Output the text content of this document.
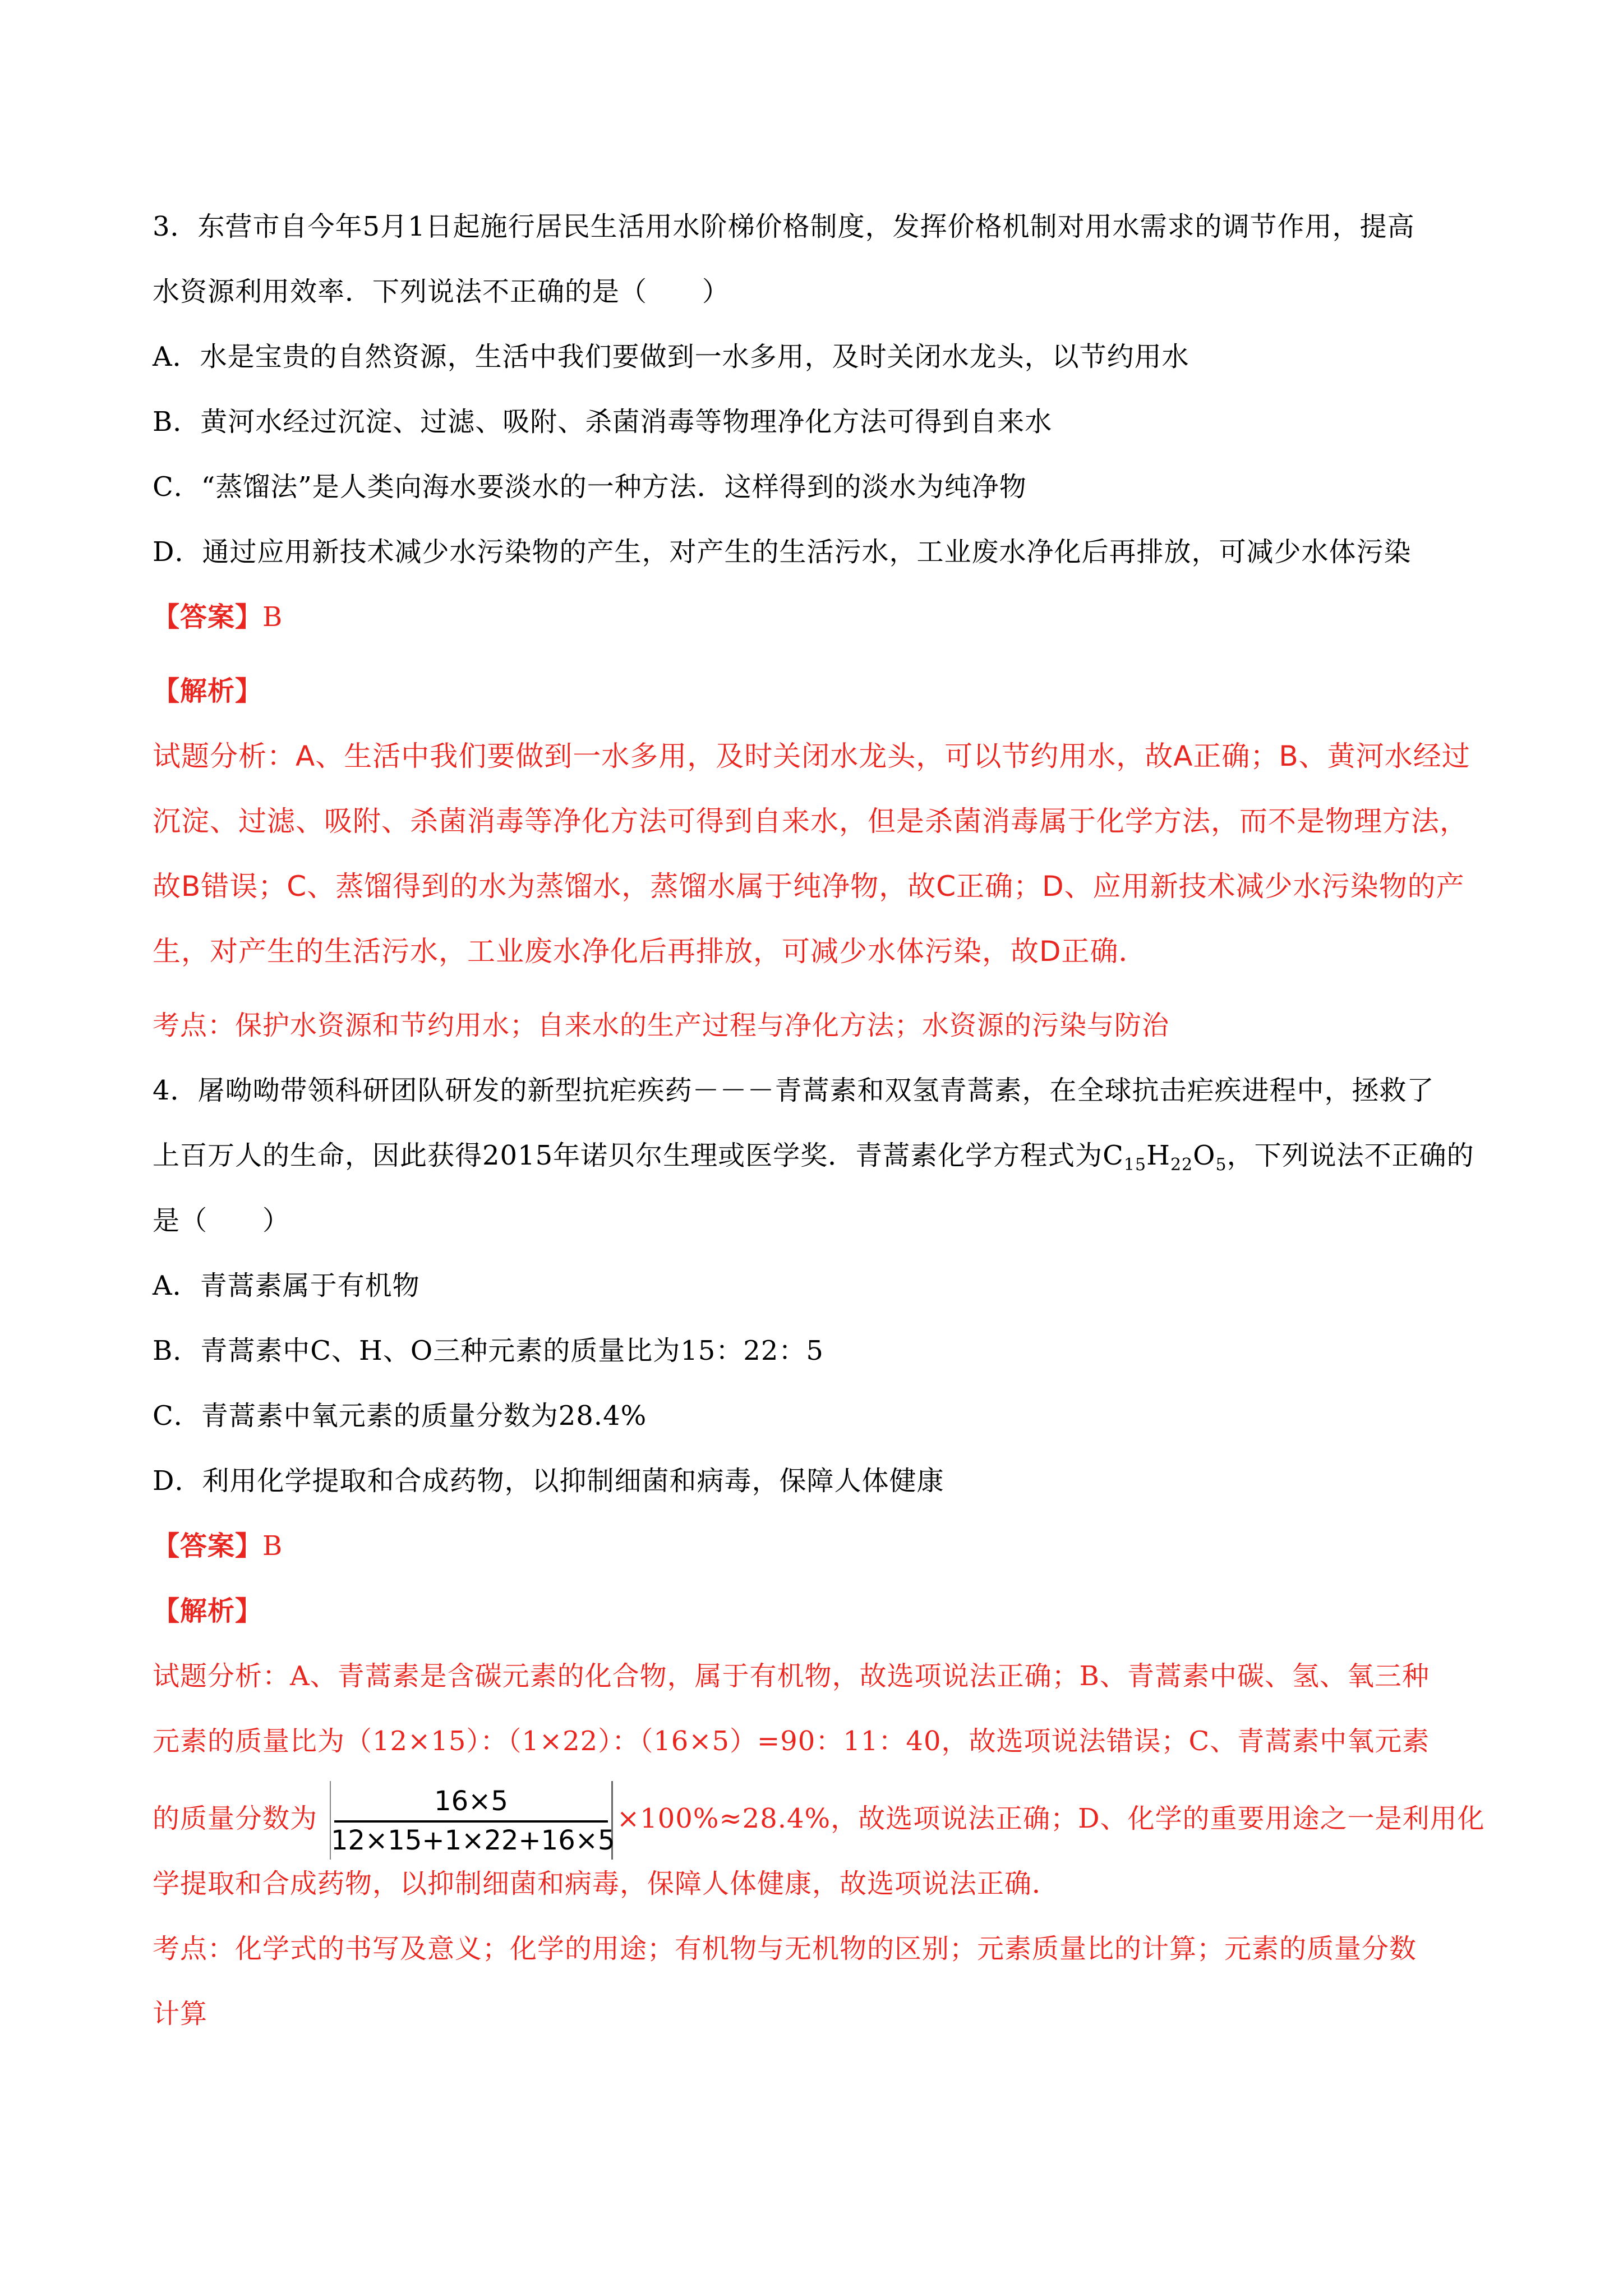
3．东营市自今年5月1日起施行居民生活用水阶梯价格制度，发挥价格机制对用水需求的调节作用，提高
水资源利用效率．下列说法不正确的是（　　）
A．水是宝贵的自然资源，生活中我们要做到一水多用，及时关闭水龙头，以节约用水
B．黄河水经过沉淀、过滤、吸附、杀菌消毒等物理净化方法可得到自来水
C．“蒸馏法”是人类向海水要淡水的一种方法．这样得到的淡水为纯净物
D．通过应用新技术减少水污染物的产生，对产生的生活污水，工业废水净化后再排放，可减少水体污染
【答案】B
【解析】
试题分析：A、生活中我们要做到一水多用，及时关闭水龙头，可以节约用水，故A正确；B、黄河水经过
沉淀、过滤、吸附、杀菌消毒等净化方法可得到自来水，但是杀菌消毒属于化学方法，而不是物理方法，
故B错误；C、蒸馏得到的水为蒸馏水，蒸馏水属于纯净物，故C正确；D、应用新技术减少水污染物的产
生，对产生的生活污水，工业废水净化后再排放，可减少水体污染，故D正确．
考点：保护水资源和节约用水；自来水的生产过程与净化方法；水资源的污染与防治
4．屠呦呦带领科研团队研发的新型抗疟疾药－－－青蒿素和双氢青蒿素，在全球抗击疟疾进程中，拯救了
上百万人的生命，因此获得2015年诺贝尔生理或医学奖．青蒿素化学方程式为$C_{15}H_{22}O_5$，下列说法不正确的
是（　　）
A．青蒿素属于有机物
B．青蒿素中C、H、O三种元素的质量比为15：22：5
C．青蒿素中氧元素的质量分数为28.4%
D．利用化学提取和合成药物，以抑制细菌和病毒，保障人体健康
【答案】B
【解析】
试题分析：A、青蒿素是含碳元素的化合物，属于有机物，故选项说法正确；B、青蒿素中碳、氢、氧三种
元素的质量比为（12×15）：（1×22）：（16×5）=90：11：40，故选项说法错误；C、青蒿素中氧元素
的质量分数为
16×5
12×15+1×22+16×5
×100%≈28.4%，故选项说法正确；D、化学的重要用途之一是利用化
学提取和合成药物，以抑制细菌和病毒，保障人体健康，故选项说法正确．
考点：化学式的书写及意义；化学的用途；有机物与无机物的区别；元素质量比的计算；元素的质量分数
计算
